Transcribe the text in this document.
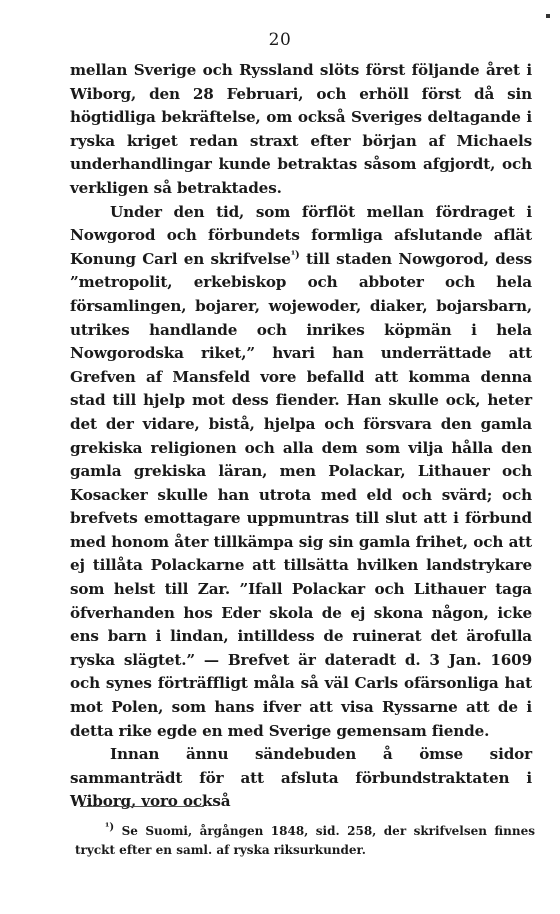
20

mellan Sverige och Ryssland slöts först följande året i Wiborg, den 28 Februari, och erhöll först då sin högtidliga bekräftelse, om också Sveriges deltagande i ryska kriget redan straxt efter början af Michaels underhandlingar kunde betraktas såsom afgjordt, och verkligen så betraktades.

Under den tid, som förflöt mellan fördraget i Nowgorod och förbundets formliga afslutande aflät Konung Carl en skrifvelse$^{^1)}$ till staden Nowgorod, dess ”metropolit, erkebiskop och abboter och hela församlingen, bojarer, wojewoder, diaker, bojarsbarn, utrikes handlande och inrikes köpmän i hela Nowgorodska riket,” hvari han underrättade att Grefven af Mansfeld vore befalld att komma denna stad till hjelp mot dess fiender. Han skulle ock, heter det der vidare, bistå, hjelpa och försvara den gamla grekiska religionen och alla dem som vilja hålla den gamla grekiska läran, men Polackar, Lithauer och Kosacker skulle han utrota med eld och svärd; och brefvets emottagare uppmuntras till slut att i förbund med honom åter tillkämpa sig sin gamla frihet, och att ej tillåta Polackarne att tillsätta hvilken landstrykare som helst till Zar. ”Ifall Polackar och Lithauer taga öfverhanden hos Eder skola de ej skona någon, icke ens barn i lindan, intilldess de ruinerat det ärofulla ryska slägtet.” — Brefvet är dateradt d. 3 Jan. 1609 och synes förträffligt måla så väl Carls ofärsonliga hat mot Polen, som hans ifver att visa Ryssarne att de i detta rike egde en med Sverige gemensam fiende.

Innan ännu sändebuden å ömse sidor sammanträdt för att afsluta förbundstraktaten i Wiborg, voro också

$^{^1)}$ Se Suomi, årgången 1848, sid. 258, der skrifvelsen finnes tryckt efter en saml. af ryska riksurkunder.
